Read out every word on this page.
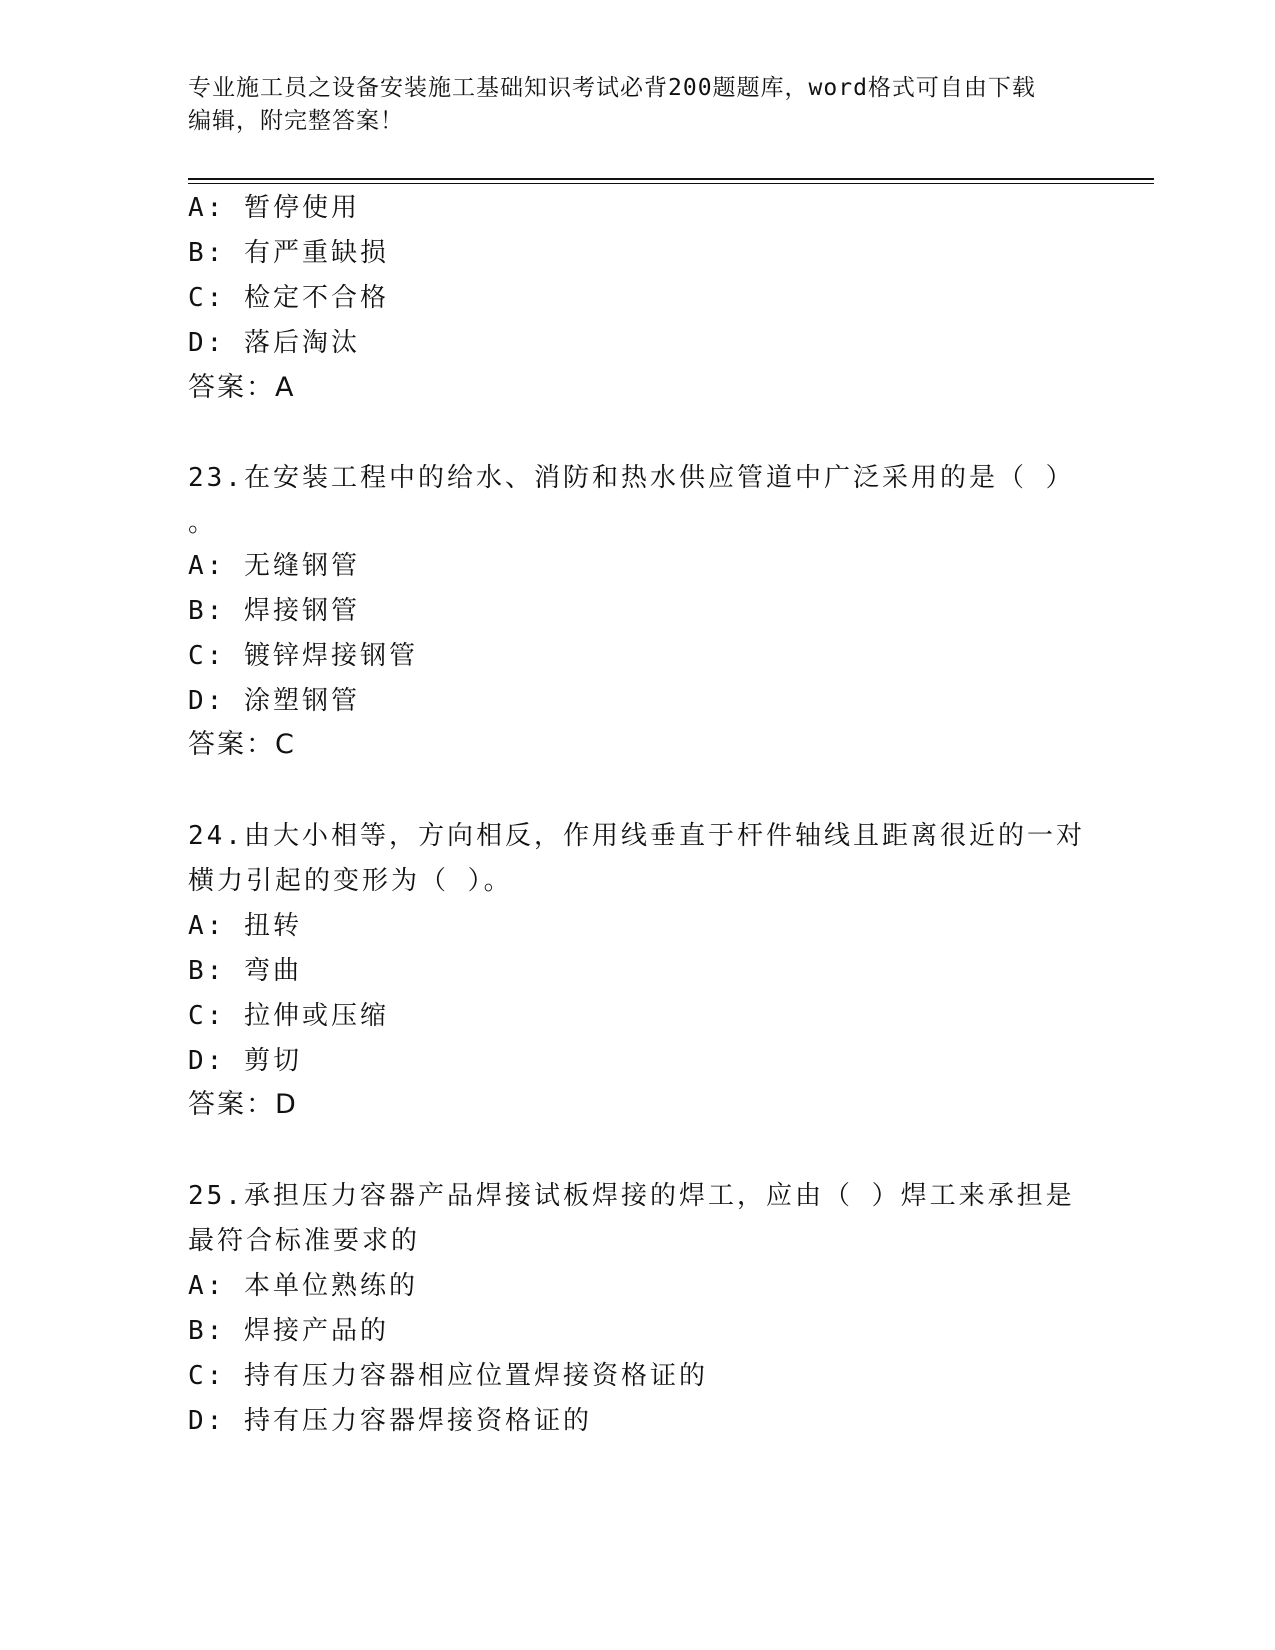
专业施工员之设备安装施工基础知识考试必背200题题库，word格式可自由下载
编辑，附完整答案！
A: 暂停使用
B: 有严重缺损
C: 检定不合格
D: 落后淘汰
答案：A
23.在安装工程中的给水、消防和热水供应管道中广泛采用的是（ ）
。
A: 无缝钢管
B: 焊接钢管
C: 镀锌焊接钢管
D: 涂塑钢管
答案：C
24.由大小相等，方向相反，作用线垂直于杆件轴线且距离很近的一对
横力引起的变形为（ ）。
A: 扭转
B: 弯曲
C: 拉伸或压缩
D: 剪切
答案：D
25.承担压力容器产品焊接试板焊接的焊工，应由（ ）焊工来承担是
最符合标准要求的
A: 本单位熟练的
B: 焊接产品的
C: 持有压力容器相应位置焊接资格证的
D: 持有压力容器焊接资格证的
